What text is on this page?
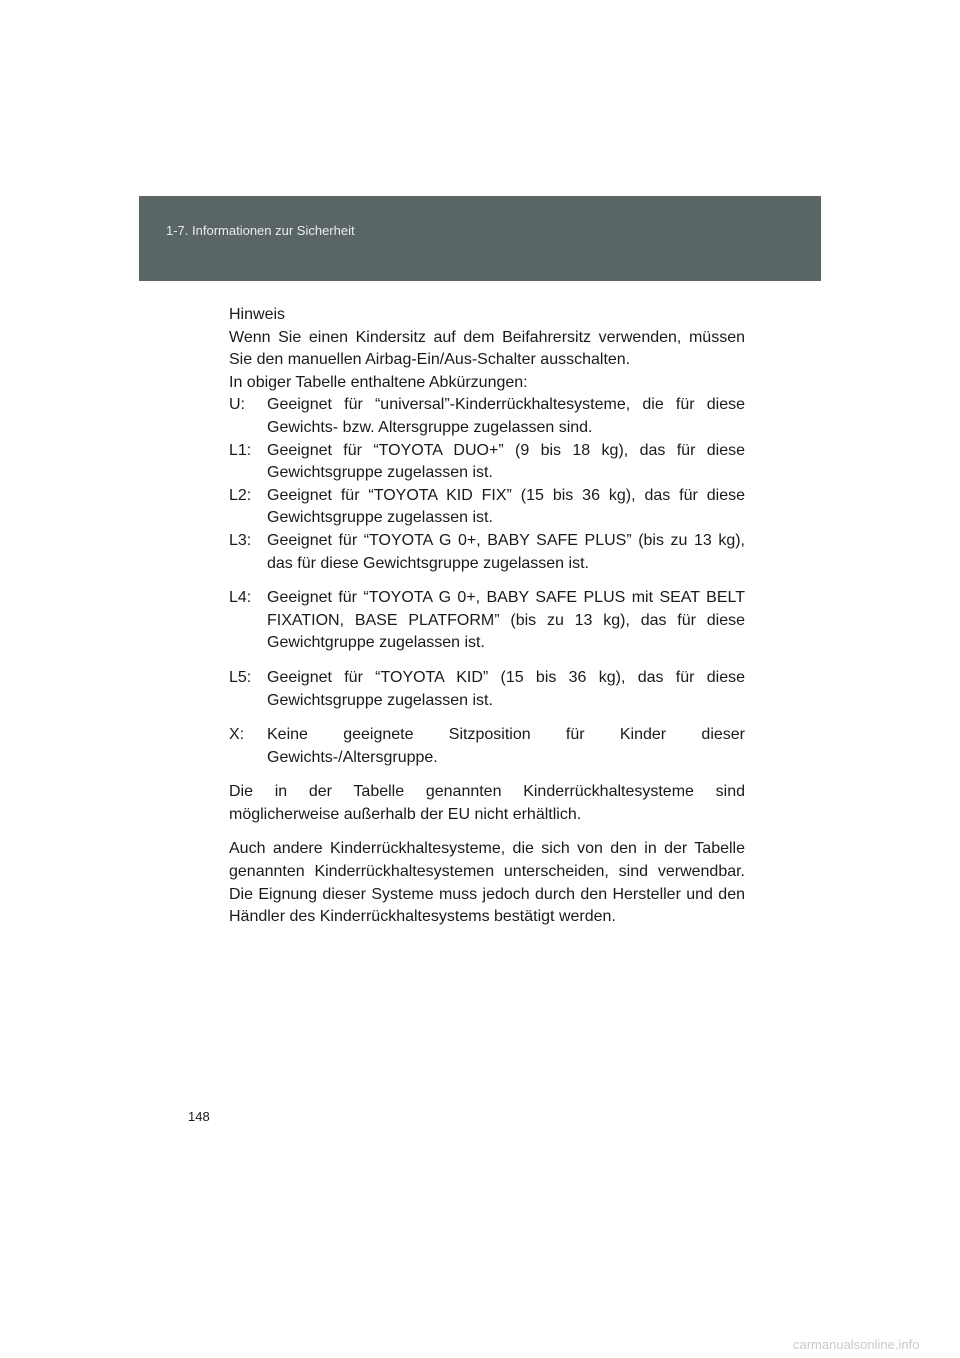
1-7. Informationen zur Sicherheit

Hinweis

Wenn Sie einen Kindersitz auf dem Beifahrersitz verwenden, müssen Sie den manuellen Airbag-Ein/Aus-Schalter ausschalten.

In obiger Tabelle enthaltene Abkürzungen:

U:	Geeignet für “universal”-Kinderrückhaltesysteme, die für diese Gewichts- bzw. Altersgruppe zugelassen sind.
L1: Geeignet für “TOYOTA DUO+” (9 bis 18 kg), das für diese Gewichtsgruppe zugelassen ist.
L2: Geeignet für “TOYOTA KID FIX” (15 bis 36 kg), das für diese Gewichtsgruppe zugelassen ist.
L3: Geeignet für “TOYOTA G 0+, BABY SAFE PLUS” (bis zu 13 kg), das für diese Gewichtsgruppe zugelassen ist.
L4: Geeignet für “TOYOTA G 0+, BABY SAFE PLUS mit SEAT BELT FIXATION, BASE PLATFORM” (bis zu 13 kg), das für diese Gewichtgruppe zugelassen ist.
L5: Geeignet für “TOYOTA KID” (15 bis 36 kg), das für diese Gewichtsgruppe zugelassen ist.
X:	Keine geeignete Sitzposition für Kinder dieser Gewichts-/Altersgruppe.

Die in der Tabelle genannten Kinderrückhaltesysteme sind möglicherweise außerhalb der EU nicht erhältlich.

Auch andere Kinderrückhaltesysteme, die sich von den in der Tabelle genannten Kinderrückhaltesystemen unterscheiden, sind verwendbar. Die Eignung dieser Systeme muss jedoch durch den Hersteller und den Händler des Kinderrückhaltesystems bestätigt werden.

148
carmanualsonline.info
